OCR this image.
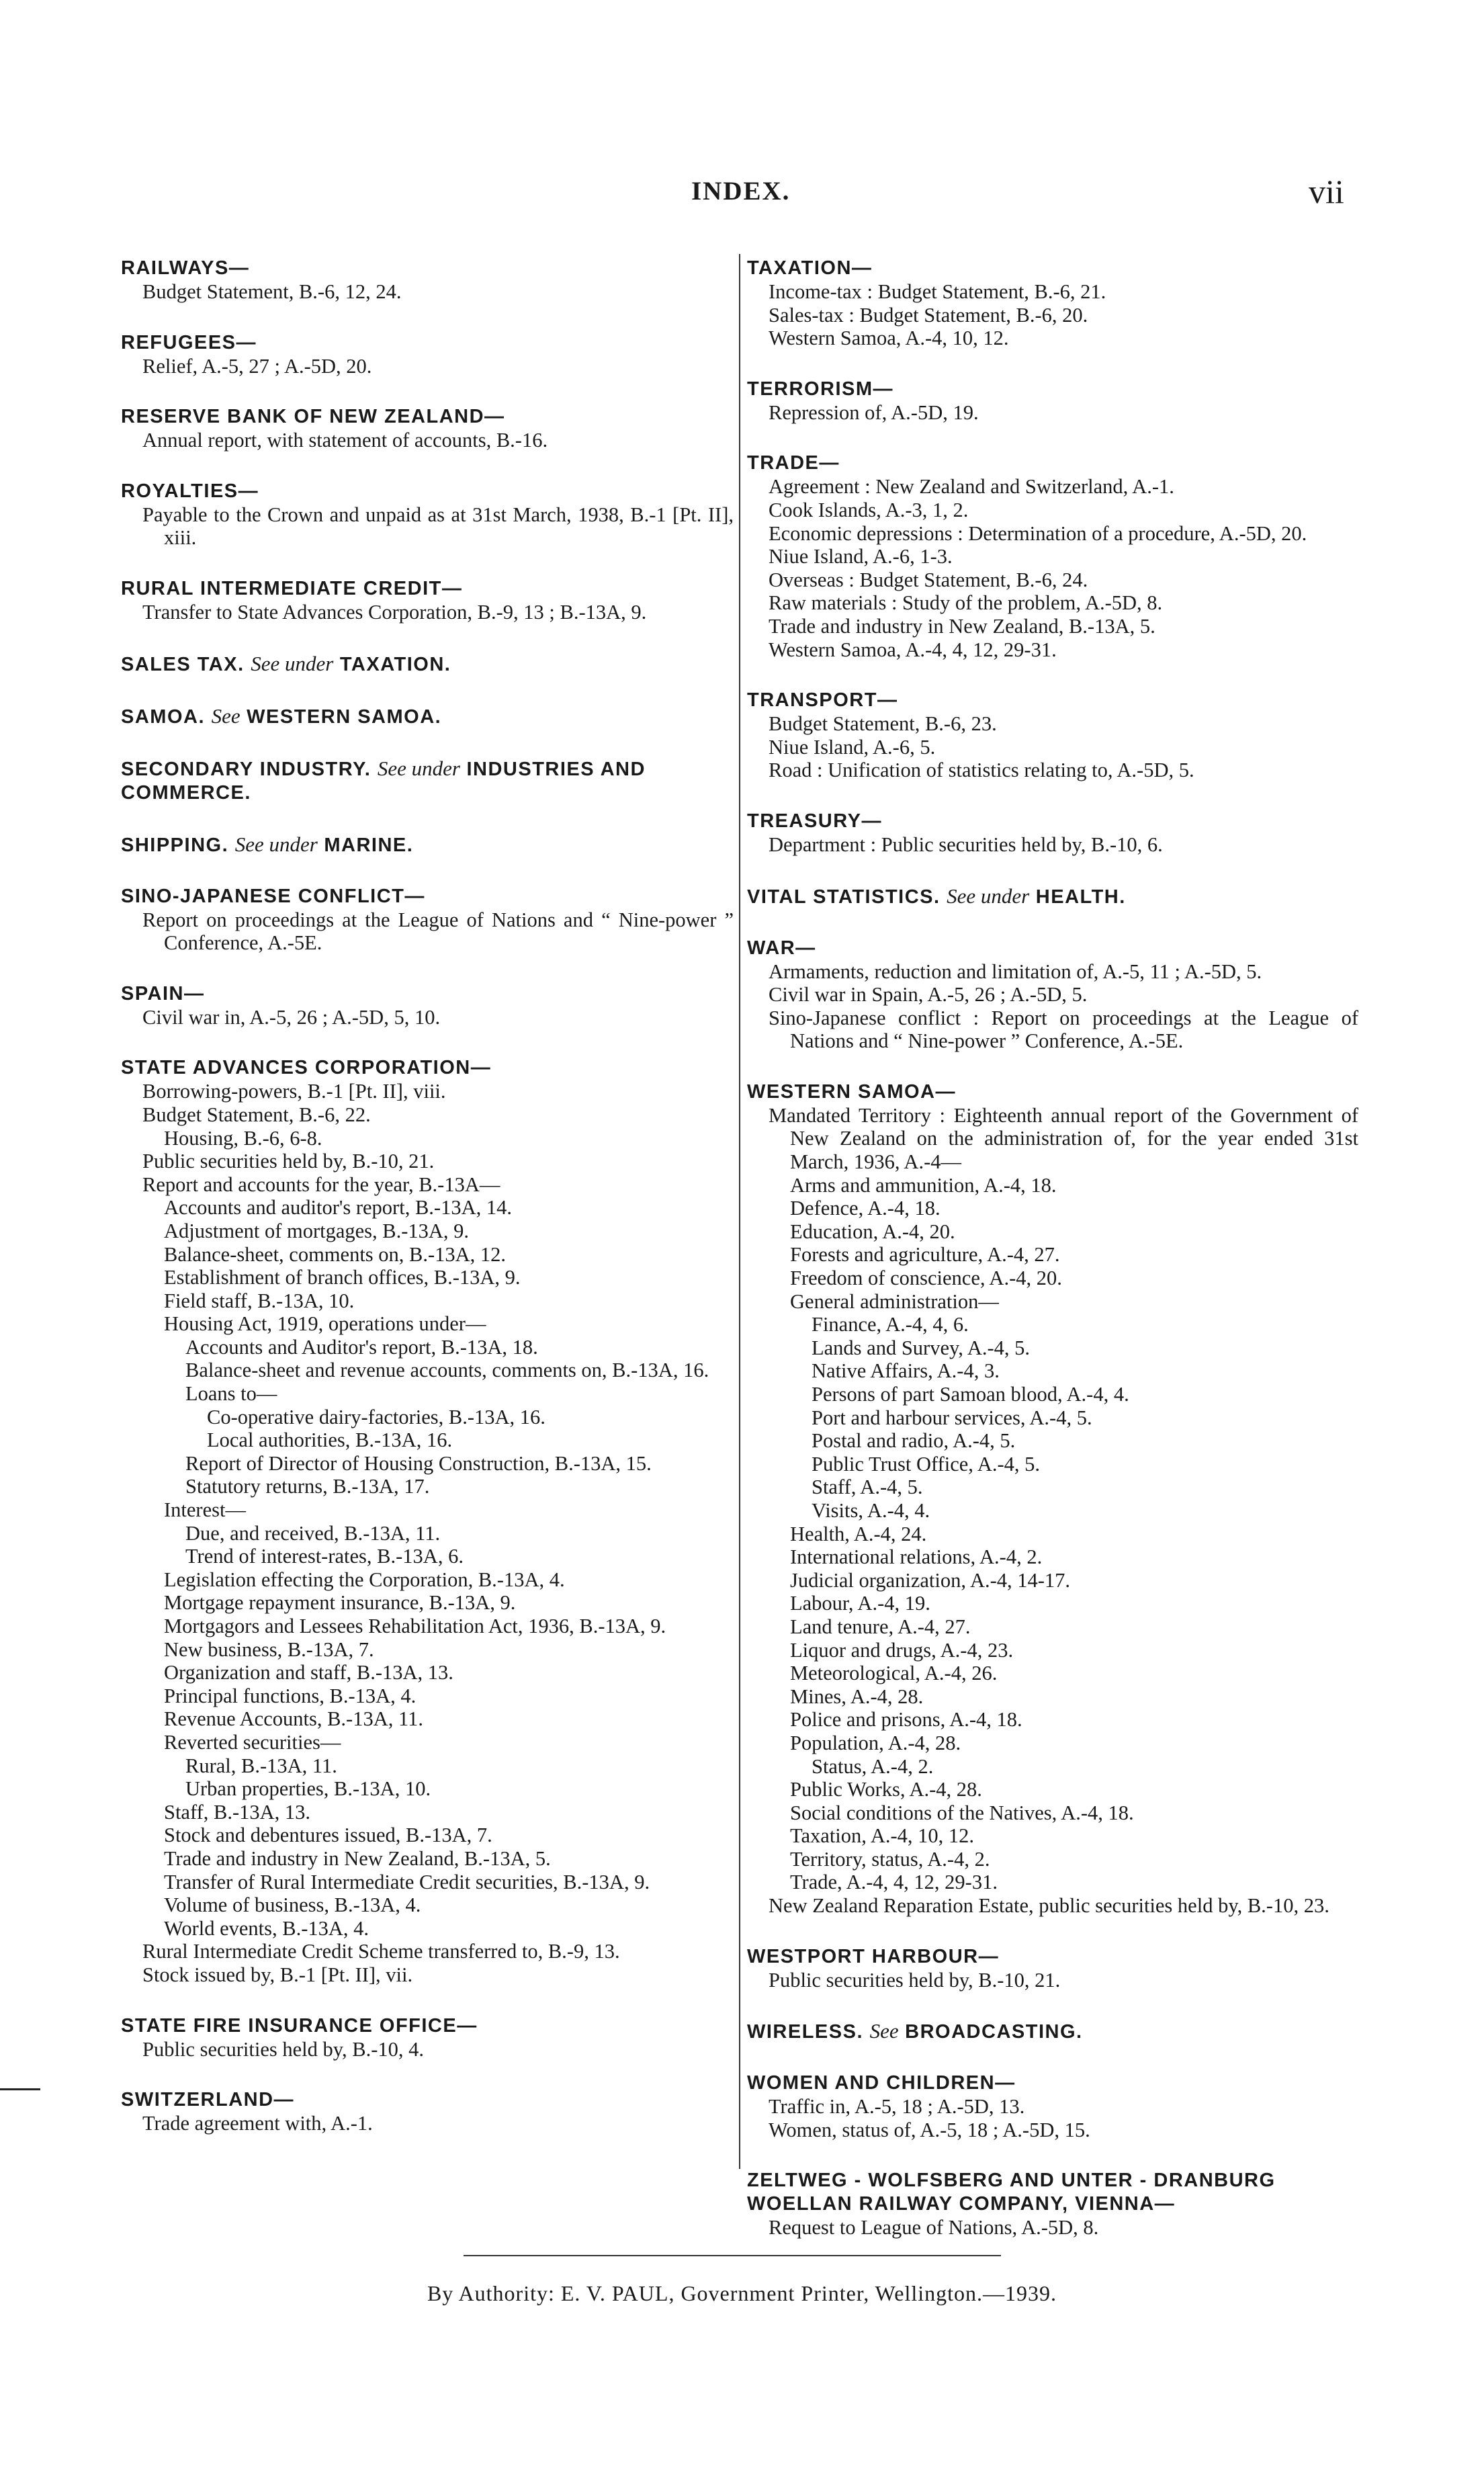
INDEX.	vii
RAILWAYS—
Budget Statement, B.-6, 12, 24.
REFUGEES—
Relief, A.-5, 27 ; A.-5D, 20.
RESERVE BANK OF NEW ZEALAND—
Annual report, with statement of accounts, B.-16.
ROYALTIES—
Payable to the Crown and unpaid as at 31st March, 1938, B.-1 [Pt. II], xiii.
RURAL INTERMEDIATE CREDIT—
Transfer to State Advances Corporation, B.-9, 13 ; B.-13A, 9.
SALES TAX. See under TAXATION.
SAMOA. See WESTERN SAMOA.
SECONDARY INDUSTRY. See under INDUSTRIES AND COMMERCE.
SHIPPING. See under MARINE.
SINO-JAPANESE CONFLICT—
Report on proceedings at the League of Nations and “ Nine-power ” Conference, A.-5E.
SPAIN—
Civil war in, A.-5, 26 ; A.-5D, 5, 10.
STATE ADVANCES CORPORATION—
Borrowing-powers, B.-1 [Pt. II], viii.
Budget Statement, B.-6, 22.
Housing, B.-6, 6-8.
Public securities held by, B.-10, 21.
Report and accounts for the year, B.-13A—
Accounts and auditor's report, B.-13A, 14.
Adjustment of mortgages, B.-13A, 9.
Balance-sheet, comments on, B.-13A, 12.
Establishment of branch offices, B.-13A, 9.
Field staff, B.-13A, 10.
Housing Act, 1919, operations under—
Accounts and Auditor's report, B.-13A, 18.
Balance-sheet and revenue accounts, comments on, B.-13A, 16.
Loans to—
Co-operative dairy-factories, B.-13A, 16.
Local authorities, B.-13A, 16.
Report of Director of Housing Construction, B.-13A, 15.
Statutory returns, B.-13A, 17.
Interest—
Due, and received, B.-13A, 11.
Trend of interest-rates, B.-13A, 6.
Legislation effecting the Corporation, B.-13A, 4.
Mortgage repayment insurance, B.-13A, 9.
Mortgagors and Lessees Rehabilitation Act, 1936, B.-13A, 9.
New business, B.-13A, 7.
Organization and staff, B.-13A, 13.
Principal functions, B.-13A, 4.
Revenue Accounts, B.-13A, 11.
Reverted securities—
Rural, B.-13A, 11.
Urban properties, B.-13A, 10.
Staff, B.-13A, 13.
Stock and debentures issued, B.-13A, 7.
Trade and industry in New Zealand, B.-13A, 5.
Transfer of Rural Intermediate Credit securities, B.-13A, 9.
Volume of business, B.-13A, 4.
World events, B.-13A, 4.
Rural Intermediate Credit Scheme transferred to, B.-9, 13.
Stock issued by, B.-1 [Pt. II], vii.
STATE FIRE INSURANCE OFFICE—
Public securities held by, B.-10, 4.
SWITZERLAND—
Trade agreement with, A.-1.
TAXATION—
Income-tax : Budget Statement, B.-6, 21.
Sales-tax : Budget Statement, B.-6, 20.
Western Samoa, A.-4, 10, 12.
TERRORISM—
Repression of, A.-5D, 19.
TRADE—
Agreement : New Zealand and Switzerland, A.-1.
Cook Islands, A.-3, 1, 2.
Economic depressions : Determination of a procedure, A.-5D, 20.
Niue Island, A.-6, 1-3.
Overseas : Budget Statement, B.-6, 24.
Raw materials : Study of the problem, A.-5D, 8.
Trade and industry in New Zealand, B.-13A, 5.
Western Samoa, A.-4, 4, 12, 29-31.
TRANSPORT—
Budget Statement, B.-6, 23.
Niue Island, A.-6, 5.
Road : Unification of statistics relating to, A.-5D, 5.
TREASURY—
Department : Public securities held by, B.-10, 6.
VITAL STATISTICS. See under HEALTH.
WAR—
Armaments, reduction and limitation of, A.-5, 11 ; A.-5D, 5.
Civil war in Spain, A.-5, 26 ; A.-5D, 5.
Sino-Japanese conflict : Report on proceedings at the League of Nations and “ Nine-power ” Conference, A.-5E.
WESTERN SAMOA—
Mandated Territory : Eighteenth annual report of the Government of New Zealand on the administration of, for the year ended 31st March, 1936, A.-4—
Arms and ammunition, A.-4, 18.
Defence, A.-4, 18.
Education, A.-4, 20.
Forests and agriculture, A.-4, 27.
Freedom of conscience, A.-4, 20.
General administration—
Finance, A.-4, 4, 6.
Lands and Survey, A.-4, 5.
Native Affairs, A.-4, 3.
Persons of part Samoan blood, A.-4, 4.
Port and harbour services, A.-4, 5.
Postal and radio, A.-4, 5.
Public Trust Office, A.-4, 5.
Staff, A.-4, 5.
Visits, A.-4, 4.
Health, A.-4, 24.
International relations, A.-4, 2.
Judicial organization, A.-4, 14-17.
Labour, A.-4, 19.
Land tenure, A.-4, 27.
Liquor and drugs, A.-4, 23.
Meteorological, A.-4, 26.
Mines, A.-4, 28.
Police and prisons, A.-4, 18.
Population, A.-4, 28.
Status, A.-4, 2.
Public Works, A.-4, 28.
Social conditions of the Natives, A.-4, 18.
Taxation, A.-4, 10, 12.
Territory, status, A.-4, 2.
Trade, A.-4, 4, 12, 29-31.
New Zealand Reparation Estate, public securities held by, B.-10, 23.
WESTPORT HARBOUR—
Public securities held by, B.-10, 21.
WIRELESS. See BROADCASTING.
WOMEN AND CHILDREN—
Traffic in, A.-5, 18 ; A.-5D, 13.
Women, status of, A.-5, 18 ; A.-5D, 15.
ZELTWEG - WOLFSBERG AND UNTER - DRANBURG WOELLAN RAILWAY COMPANY, VIENNA—
Request to League of Nations, A.-5D, 8.
By Authority: E. V. PAUL, Government Printer, Wellington.—1939.
